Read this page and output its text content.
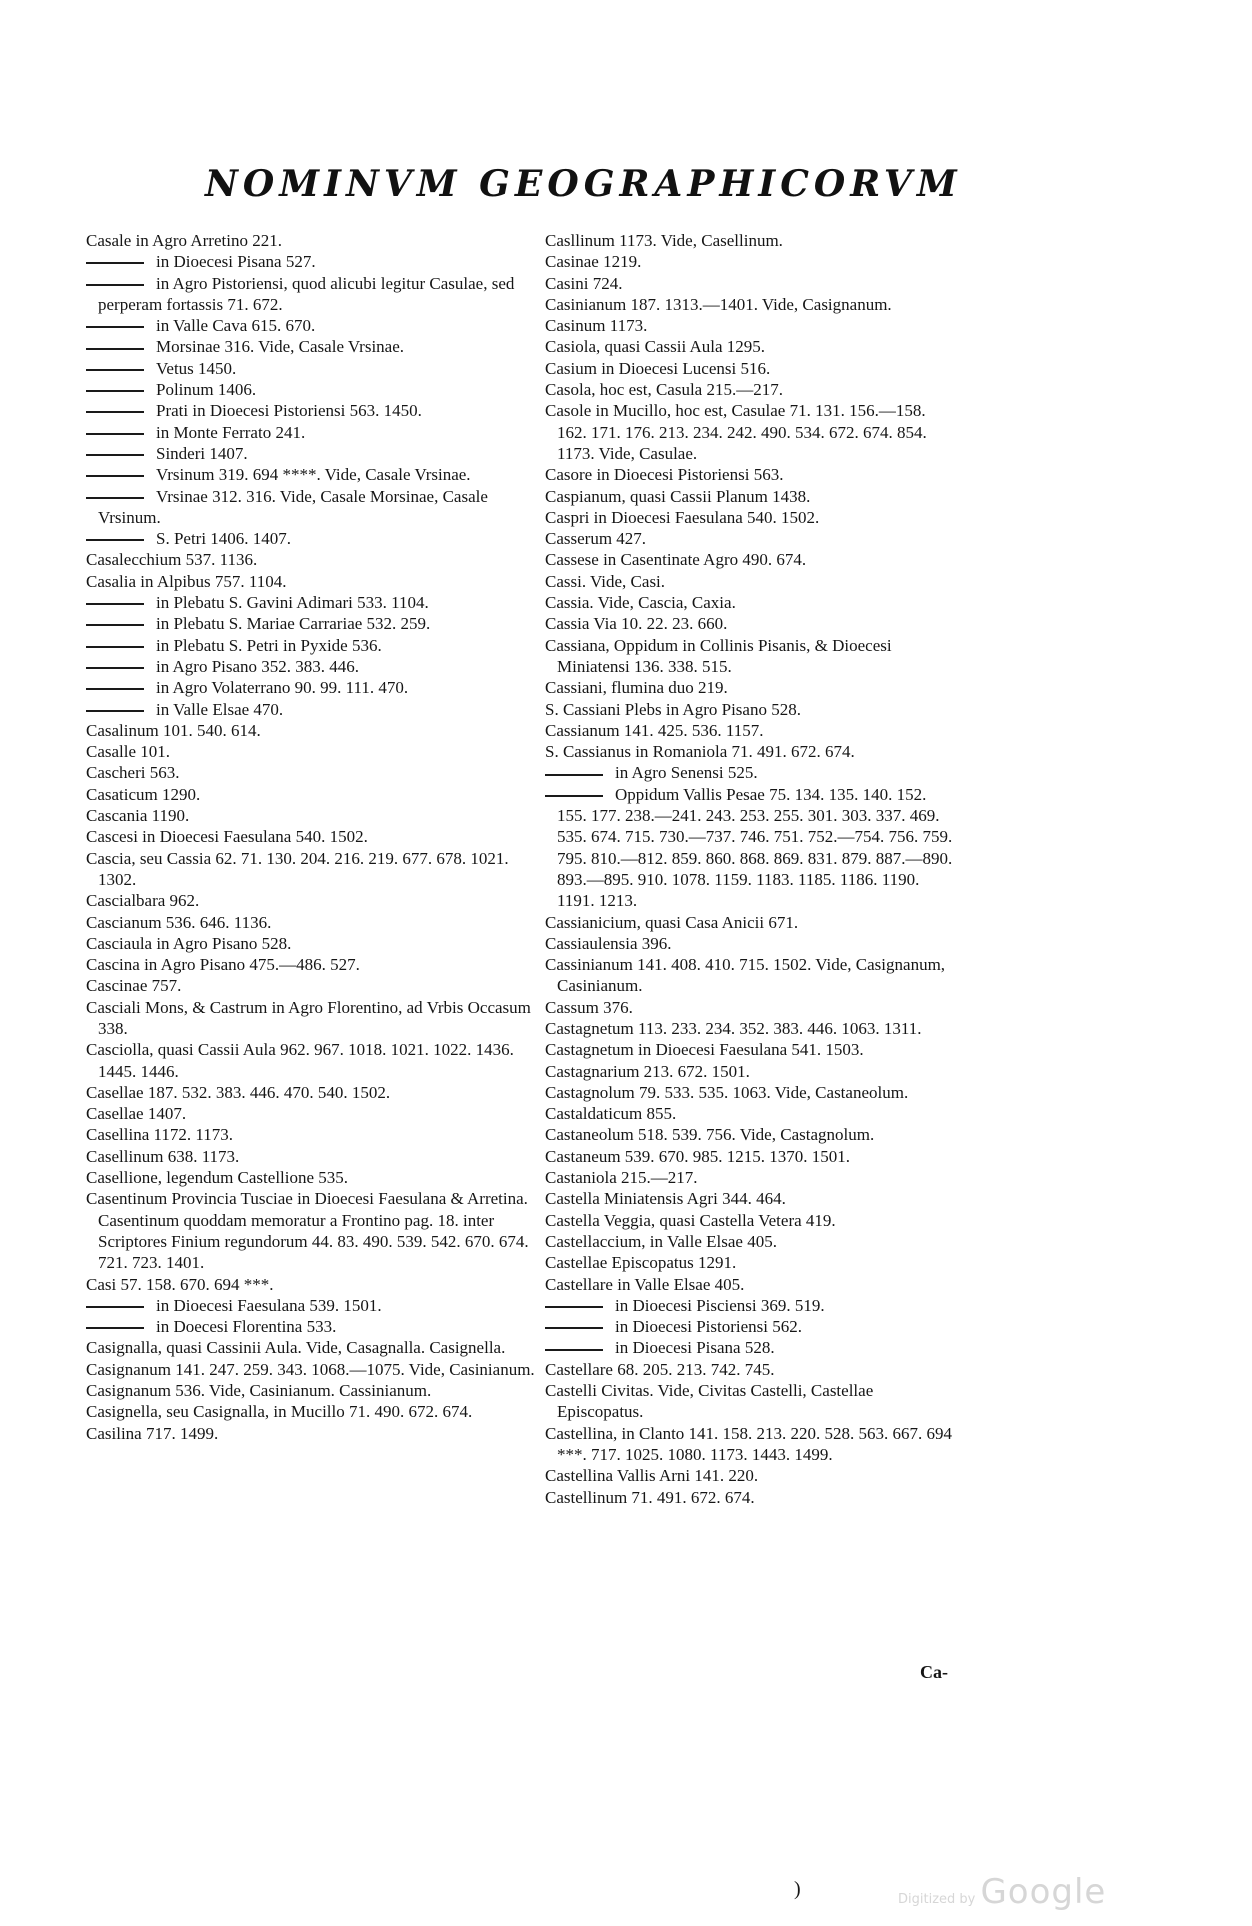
NOMINVM GEOGRAPHICORVM
Casale in Agro Arretino 221.
in Dioecesi Pisana 527.
in Agro Pistoriensi, quod alicubi legitur Casulae, sed perperam fortassis 71. 672.
in Valle Cava 615. 670.
Morsinae 316. Vide, Casale Vrsinae.
Vetus 1450.
Polinum 1406.
Prati in Dioecesi Pistoriensi 563. 1450.
in Monte Ferrato 241.
Sinderi 1407.
Vrsinum 319. 694 ****. Vide, Casale Vrsinae.
Vrsinae 312. 316. Vide, Casale Morsinae, Casale Vrsinum.
S. Petri 1406. 1407.
Casalecchium 537. 1136.
Casalia in Alpibus 757. 1104.
in Plebatu S. Gavini Adimari 533. 1104.
in Plebatu S. Mariae Carrariae 532. 259.
in Plebatu S. Petri in Pyxide 536.
in Agro Pisano 352. 383. 446.
in Agro Volaterrano 90. 99. 111. 470.
in Valle Elsae 470.
Casalinum 101. 540. 614.
Casalle 101.
Cascheri 563.
Casaticum 1290.
Cascania 1190.
Cascesi in Dioecesi Faesulana 540. 1502.
Cascia, seu Cassia 62. 71. 130. 204. 216. 219. 677. 678. 1021. 1302.
Cascialbara 962.
Cascianum 536. 646. 1136.
Casciaula in Agro Pisano 528.
Cascina in Agro Pisano 475.—486. 527.
Cascinae 757.
Casciali Mons, & Castrum in Agro Florentino, ad Vrbis Occasum 338.
Casciolla, quasi Cassii Aula 962. 967. 1018. 1021. 1022. 1436. 1445. 1446.
Casellae 187. 532. 383. 446. 470. 540. 1502.
Casellae 1407.
Casellina 1172. 1173.
Casellinum 638. 1173.
Casellione, legendum Castellione 535.
Casentinum Provincia Tusciae in Dioecesi Faesulana & Arretina. Casentinum quoddam memoratur a Frontino pag. 18. inter Scriptores Finium regundorum 44. 83. 490. 539. 542. 670. 674. 721. 723. 1401.
Casi 57. 158. 670. 694 ***.
in Dioecesi Faesulana 539. 1501.
in Doecesi Florentina 533.
Casignalla, quasi Cassinii Aula. Vide, Casagnalla. Casignella.
Casignanum 141. 247. 259. 343. 1068.—1075. Vide, Casinianum.
Casignanum 536. Vide, Casinianum. Cassinianum.
Casignella, seu Casignalla, in Mucillo 71. 490. 672. 674.
Casilina 717. 1499.
Casllinum 1173. Vide, Casellinum.
Casinae 1219.
Casini 724.
Casinianum 187. 1313.—1401. Vide, Casignanum.
Casinum 1173.
Casiola, quasi Cassii Aula 1295.
Casium in Dioecesi Lucensi 516.
Casola, hoc est, Casula 215.—217.
Casole in Mucillo, hoc est, Casulae 71. 131. 156.—158. 162. 171. 176. 213. 234. 242. 490. 534. 672. 674. 854. 1173. Vide, Casulae.
Casore in Dioecesi Pistoriensi 563.
Caspianum, quasi Cassii Planum 1438.
Caspri in Dioecesi Faesulana 540. 1502.
Casserum 427.
Cassese in Casentinate Agro 490. 674.
Cassi. Vide, Casi.
Cassia. Vide, Cascia, Caxia.
Cassia Via 10. 22. 23. 660.
Cassiana, Oppidum in Collinis Pisanis, & Dioecesi Miniatensi 136. 338. 515.
Cassiani, flumina duo 219.
S. Cassiani Plebs in Agro Pisano 528.
Cassianum 141. 425. 536. 1157.
S. Cassianus in Romaniola 71. 491. 672. 674.
in Agro Senensi 525.
Oppidum Vallis Pesae 75. 134. 135. 140. 152. 155. 177. 238.—241. 243. 253. 255. 301. 303. 337. 469. 535. 674. 715. 730.—737. 746. 751. 752.—754. 756. 759. 795. 810.—812. 859. 860. 868. 869. 831. 879. 887.—890. 893.—895. 910. 1078. 1159. 1183. 1185. 1186. 1190. 1191. 1213.
Cassianicium, quasi Casa Anicii 671.
Cassiaulensia 396.
Cassinianum 141. 408. 410. 715. 1502. Vide, Casignanum, Casinianum.
Cassum 376.
Castagnetum 113. 233. 234. 352. 383. 446. 1063. 1311.
Castagnetum in Dioecesi Faesulana 541. 1503.
Castagnarium 213. 672. 1501.
Castagnolum 79. 533. 535. 1063. Vide, Castaneolum.
Castaldaticum 855.
Castaneolum 518. 539. 756. Vide, Castagnolum.
Castaneum 539. 670. 985. 1215. 1370. 1501.
Castaniola 215.—217.
Castella Miniatensis Agri 344. 464.
Castella Veggia, quasi Castella Vetera 419.
Castellaccium, in Valle Elsae 405.
Castellae Episcopatus 1291.
Castellare in Valle Elsae 405.
in Dioecesi Pisciensi 369. 519.
in Dioecesi Pistoriensi 562.
in Dioecesi Pisana 528.
Castellare 68. 205. 213. 742. 745.
Castelli Civitas. Vide, Civitas Castelli, Castellae Episcopatus.
Castellina, in Clanto 141. 158. 213. 220. 528. 563. 667. 694 ***. 717. 1025. 1080. 1173. 1443. 1499.
Castellina Vallis Arni 141. 220.
Castellinum 71. 491. 672. 674.
Ca-
)	Digitized by Google
